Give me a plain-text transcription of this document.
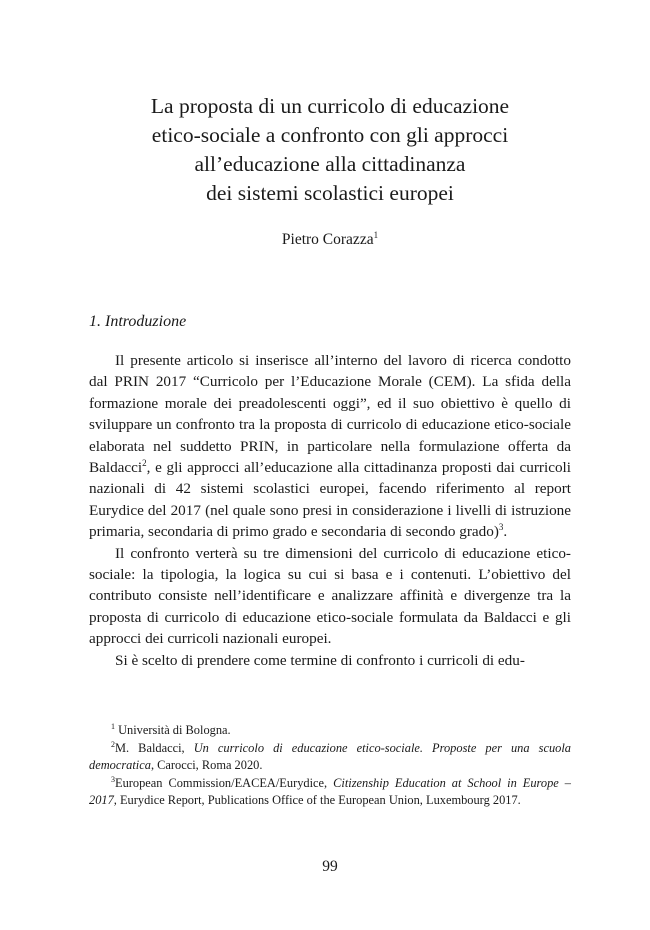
La proposta di un curricolo di educazione
etico-sociale a confronto con gli approcci
all’educazione alla cittadinanza
dei sistemi scolastici europei
Pietro Corazza$^1$
1. Introduzione

Il presente articolo si inserisce all’interno del lavoro di ricerca condotto dal PRIN 2017 “Curricolo per l’Educazione Morale (CEM). La sfida della formazione morale dei preadolescenti oggi”, ed il suo obiettivo è quello di sviluppare un confronto tra la proposta di curricolo di educazione etico-sociale elaborata nel suddetto PRIN, in particolare nella formulazione offerta da Baldacci$^2$, e gli approcci all’educazione alla cittadinanza proposti dai curricoli nazionali di 42 sistemi scolastici europei, facendo riferimento al report Eurydice del 2017 (nel quale sono presi in considerazione i livelli di istruzione primaria, secondaria di primo grado e secondaria di secondo grado)$^3$.

Il confronto verterà su tre dimensioni del curricolo di educazione etico-sociale: la tipologia, la logica su cui si basa e i contenuti. L’obiettivo del contributo consiste nell’identificare e analizzare affinità e divergenze tra la proposta di curricolo di educazione etico-sociale formulata da Baldacci e gli approcci dei curricoli nazionali europei.

Si è scelto di prendere come termine di confronto i curricoli di edu-

$^1$ Università di Bologna.

$^2$M. Baldacci, Un curricolo di educazione etico-sociale. Proposte per una scuola democratica, Carocci, Roma 2020.

$^3$European Commission/EACEA/Eurydice, Citizenship Education at School in Europe – 2017, Eurydice Report, Publications Office of the European Union, Luxembourg 2017.

99
